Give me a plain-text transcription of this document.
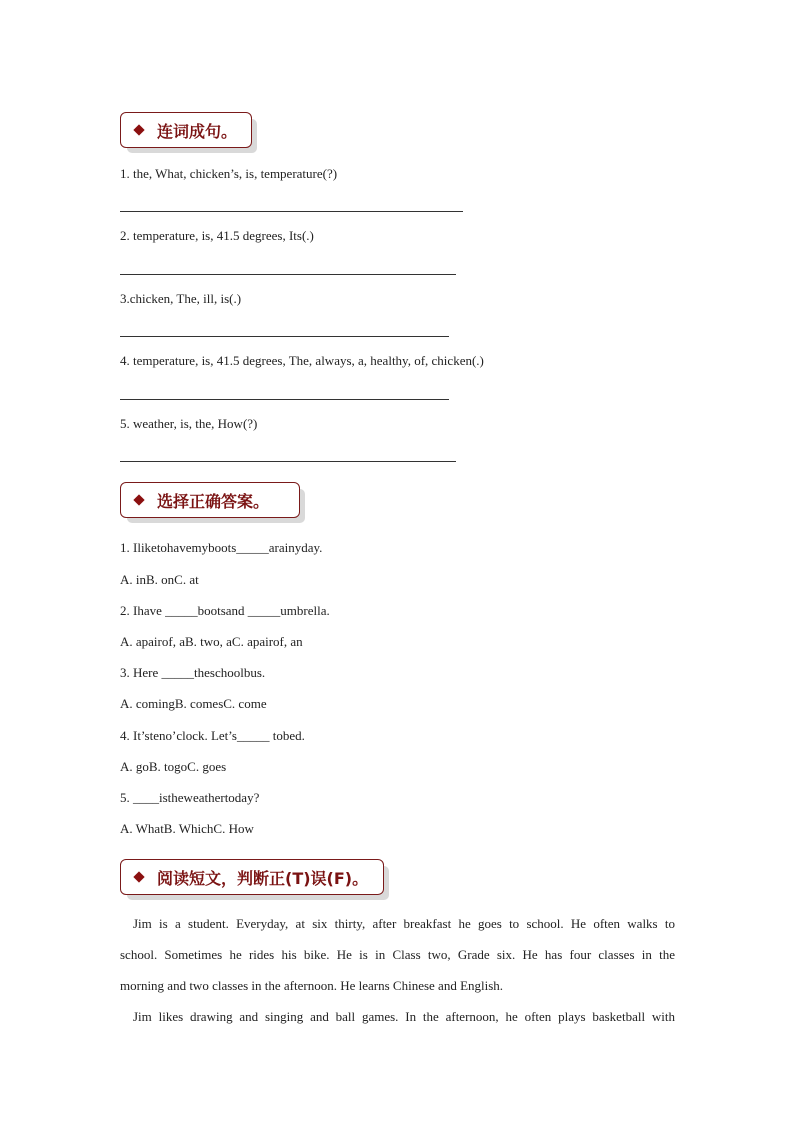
连词成句。
1. the, What, chicken’s, is, temperature(?)
2. temperature, is, 41.5 degrees, Its(.)
3.chicken, The, ill, is(.)
4. temperature, is, 41.5 degrees, The, always, a, healthy, of, chicken(.)
5. weather, is, the, How(?)
选择正确答案。
1. Iliketohavemyboots_____arainyday.
A. inB. onC. at
2. Ihave _____bootsand _____umbrella.
A. apairof, aB. two, aC. apairof, an
3. Here _____theschoolbus.
A. comingB. comesC. come
4. It’steno’clock. Let’s_____ tobed.
A. goB. togoC. goes
5. ____istheweathertoday?
A. WhatB. WhichC. How
阅读短文，判断正(T)误(F)。
Jim is a student. Everyday, at six thirty, after breakfast he goes to school. He often walks to
school. Sometimes he rides his bike. He is in Class two, Grade six. He has four classes in the
morning and two classes in the afternoon. He learns Chinese and English.
Jim likes drawing and singing and ball games. In the afternoon, he often plays basketball with
